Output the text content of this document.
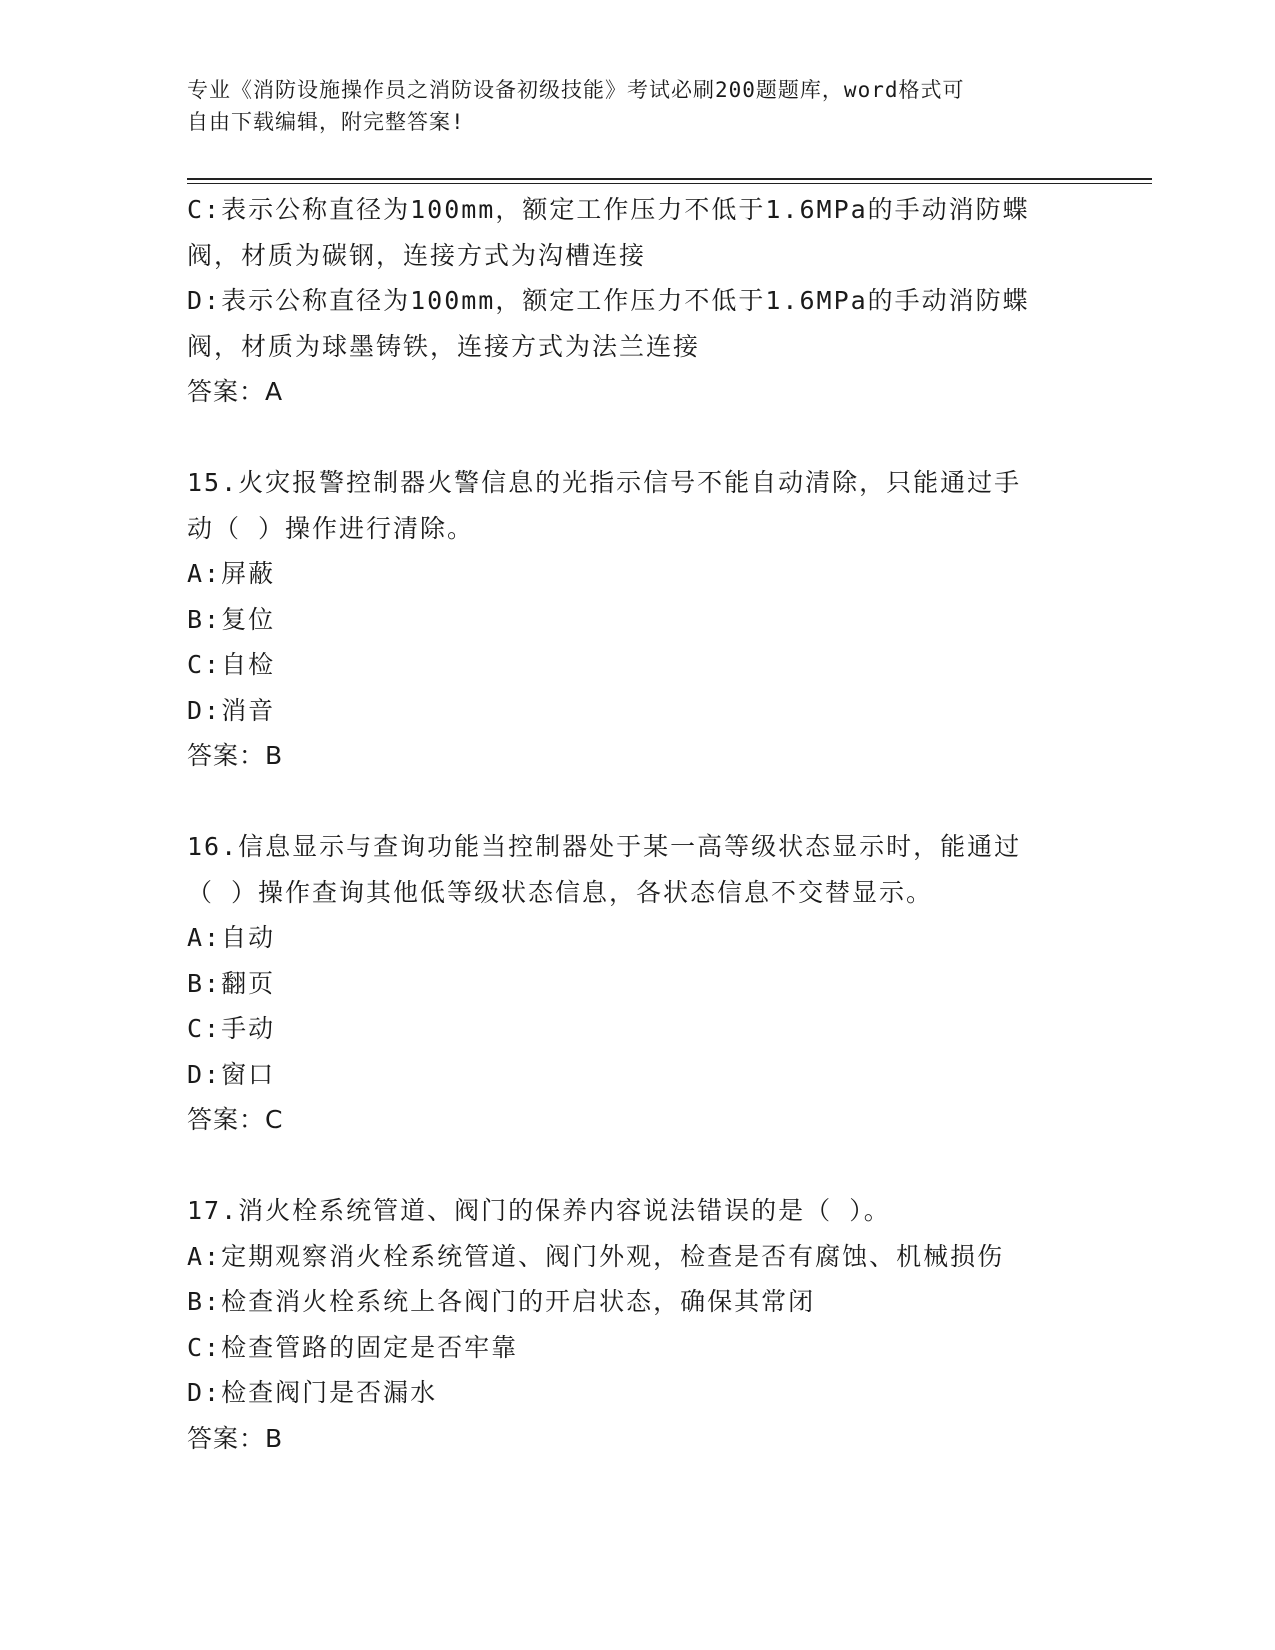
专业《消防设施操作员之消防设备初级技能》考试必刷200题题库，word格式可
自由下载编辑，附完整答案!
C:表示公称直径为100mm，额定工作压力不低于1.6MPa的手动消防蝶
阀，材质为碳钢，连接方式为沟槽连接
D:表示公称直径为100mm，额定工作压力不低于1.6MPa的手动消防蝶
阀，材质为球墨铸铁，连接方式为法兰连接
答案：A
15.火灾报警控制器火警信息的光指示信号不能自动清除，只能通过手
动（ ）操作进行清除。
A:屏蔽
B:复位
C:自检
D:消音
答案：B
16.信息显示与查询功能当控制器处于某一高等级状态显示时，能通过
（ ）操作查询其他低等级状态信息，各状态信息不交替显示。
A:自动
B:翻页
C:手动
D:窗口
答案：C
17.消火栓系统管道、阀门的保养内容说法错误的是（ ）。
A:定期观察消火栓系统管道、阀门外观，检查是否有腐蚀、机械损伤
B:检查消火栓系统上各阀门的开启状态，确保其常闭
C:检查管路的固定是否牢靠
D:检查阀门是否漏水
答案：B
